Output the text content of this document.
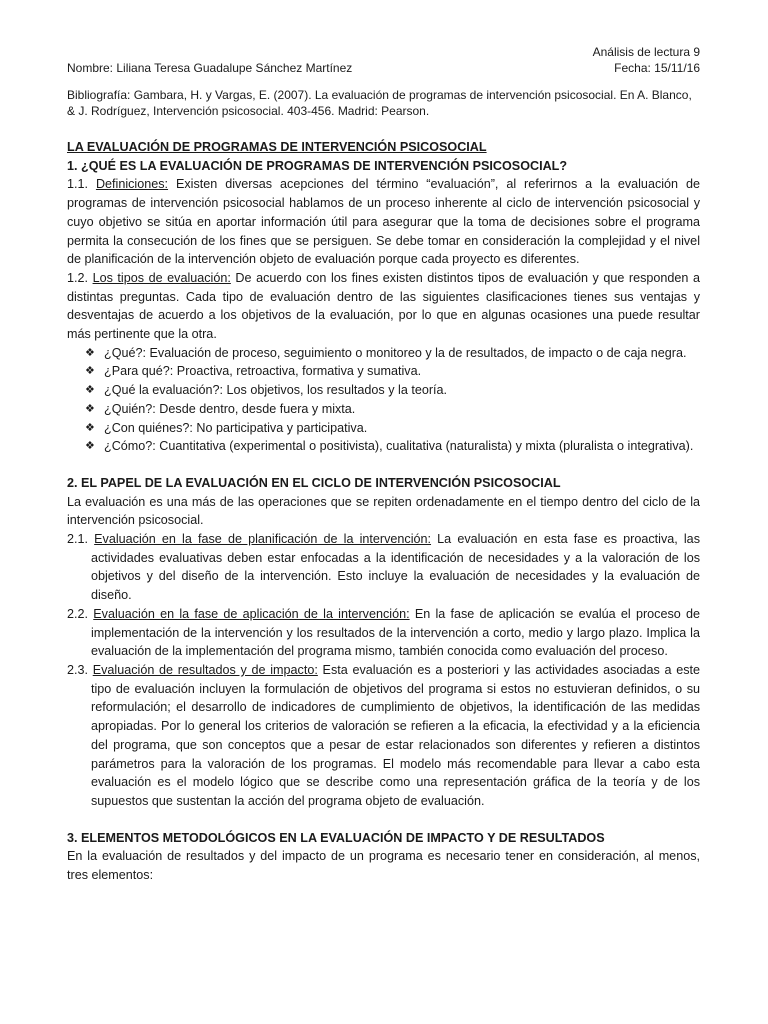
Análisis de lectura 9
Nombre: Liliana Teresa Guadalupe Sánchez Martínez	Fecha: 15/11/16
Bibliografía: Gambara, H. y Vargas, E. (2007). La evaluación de programas de intervención psicosocial. En A. Blanco, & J. Rodríguez, Intervención psicosocial. 403-456. Madrid: Pearson.
LA EVALUACIÓN DE PROGRAMAS DE INTERVENCIÓN PSICOSOCIAL
1. ¿QUÉ ES LA EVALUACIÓN DE PROGRAMAS DE INTERVENCIÓN PSICOSOCIAL?
1.1. Definiciones: Existen diversas acepciones del término “evaluación”, al referirnos a la evaluación de programas de intervención psicosocial hablamos de un proceso inherente al ciclo de intervención psicosocial y cuyo objetivo se sitúa en aportar información útil para asegurar que la toma de decisiones sobre el programa permita la consecución de los fines que se persiguen. Se debe tomar en consideración la complejidad y el nivel de planificación de la intervención objeto de evaluación porque cada proyecto es diferentes.
1.2. Los tipos de evaluación: De acuerdo con los fines existen distintos tipos de evaluación y que responden a distintas preguntas. Cada tipo de evaluación dentro de las siguientes clasificaciones tienes sus ventajas y desventajas de acuerdo a los objetivos de la evaluación, por lo que en algunas ocasiones una puede resultar más pertinente que la otra.
❖ ¿Qué?: Evaluación de proceso, seguimiento o monitoreo y la de resultados, de impacto o de caja negra.
❖ ¿Para qué?: Proactiva, retroactiva, formativa y sumativa.
❖ ¿Qué la evaluación?: Los objetivos, los resultados y la teoría.
❖ ¿Quién?: Desde dentro, desde fuera y mixta.
❖ ¿Con quiénes?: No participativa y participativa.
❖ ¿Cómo?: Cuantitativa (experimental o positivista), cualitativa (naturalista) y mixta (pluralista o integrativa).
2. EL PAPEL DE LA EVALUACIÓN EN EL CICLO DE INTERVENCIÓN PSICOSOCIAL
La evaluación es una más de las operaciones que se repiten ordenadamente en el tiempo dentro del ciclo de la intervención psicosocial.
2.1. Evaluación en la fase de planificación de la intervención: La evaluación en esta fase es proactiva, las actividades evaluativas deben estar enfocadas a la identificación de necesidades y a la valoración de los objetivos y del diseño de la intervención. Esto incluye la evaluación de necesidades y la evaluación de diseño.
2.2. Evaluación en la fase de aplicación de la intervención: En la fase de aplicación se evalúa el proceso de implementación de la intervención y los resultados de la intervención a corto, medio y largo plazo. Implica la evaluación de la implementación del programa mismo, también conocida como evaluación del proceso.
2.3. Evaluación de resultados y de impacto: Esta evaluación es a posteriori y las actividades asociadas a este tipo de evaluación incluyen la formulación de objetivos del programa si estos no estuvieran definidos, o su reformulación; el desarrollo de indicadores de cumplimiento de objetivos, la identificación de las medidas apropiadas. Por lo general los criterios de valoración se refieren a la eficacia, la efectividad y a la eficiencia del programa, que son conceptos que a pesar de estar relacionados son diferentes y refieren a distintos parámetros para la valoración de los programas. El modelo más recomendable para llevar a cabo esta evaluación es el modelo lógico que se describe como una representación gráfica de la teoría y de los supuestos que sustentan la acción del programa objeto de evaluación.
3. ELEMENTOS METODOLÓGICOS EN LA EVALUACIÓN DE IMPACTO Y DE RESULTADOS
En la evaluación de resultados y del impacto de un programa es necesario tener en consideración, al menos, tres elementos:
